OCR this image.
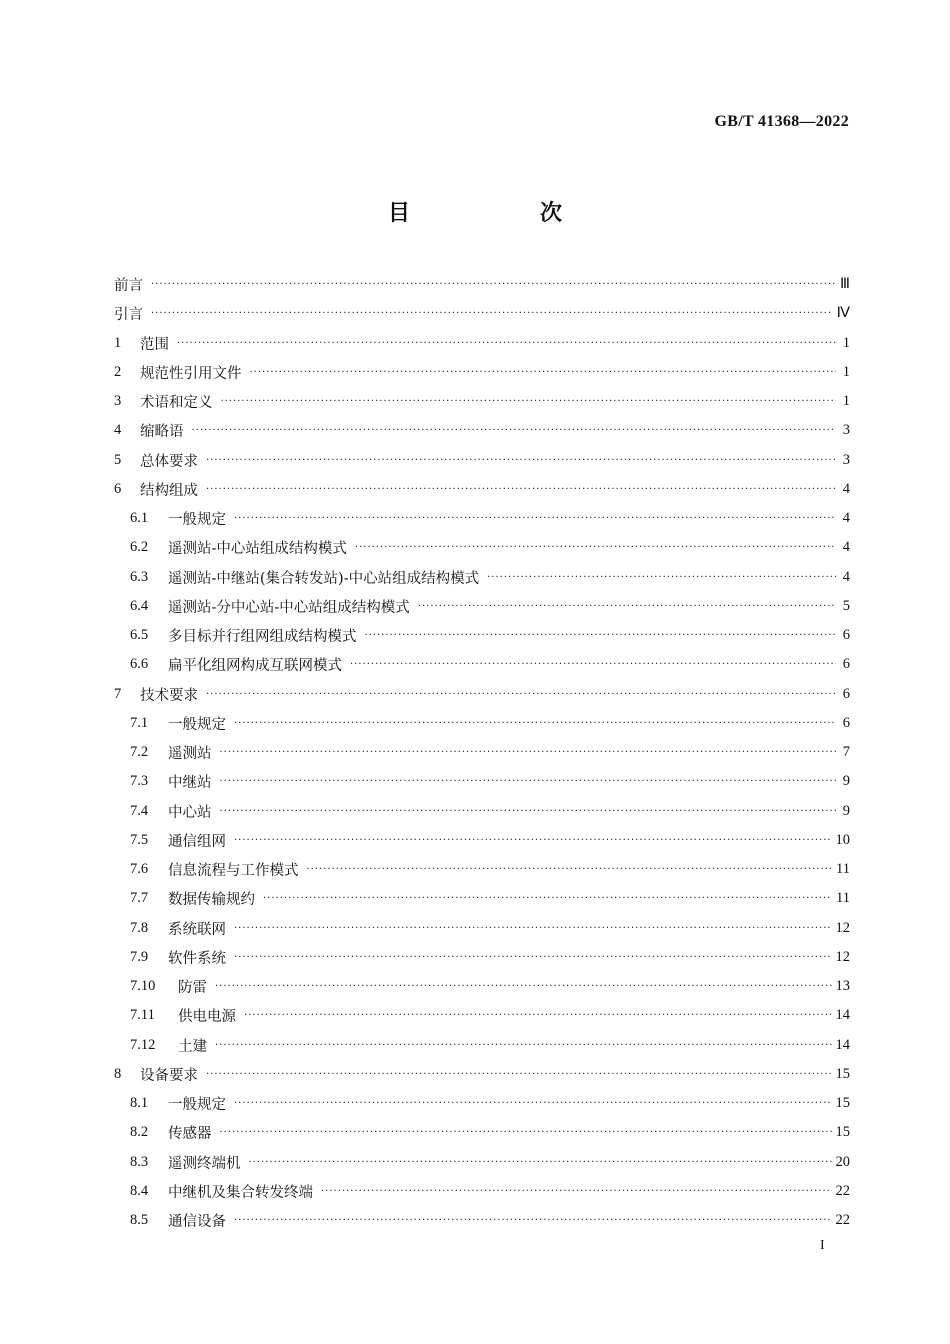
GB/T 41368—2022
目　次
前言 ·····	Ⅲ
引言 ·····	Ⅳ
1	范围 ·····	1
2	规范性引用文件 ·····	1
3	术语和定义 ·····	1
4	缩略语 ·····	3
5	总体要求 ·····	3
6	结构组成 ·····	4
6.1	一般规定 ·····	4
6.2	遥测站-中心站组成结构模式 ·····	4
6.3	遥测站-中继站(集合转发站)-中心站组成结构模式 ·····	4
6.4	遥测站-分中心站-中心站组成结构模式 ·····	5
6.5	多目标并行组网组成结构模式 ·····	6
6.6	扁平化组网构成互联网模式 ·····	6
7	技术要求 ·····	6
7.1	一般规定 ·····	6
7.2	遥测站 ·····	7
7.3	中继站 ·····	9
7.4	中心站 ·····	9
7.5	通信组网 ·····	10
7.6	信息流程与工作模式 ·····	11
7.7	数据传输规约 ·····	11
7.8	系统联网 ·····	12
7.9	软件系统 ·····	12
7.10	防雷 ·····	13
7.11	供电电源 ·····	14
7.12	土建 ·····	14
8	设备要求 ·····	15
8.1	一般规定 ·····	15
8.2	传感器 ·····	15
8.3	遥测终端机 ·····	20
8.4	中继机及集合转发终端 ·····	22
8.5	通信设备 ·····	22
I
